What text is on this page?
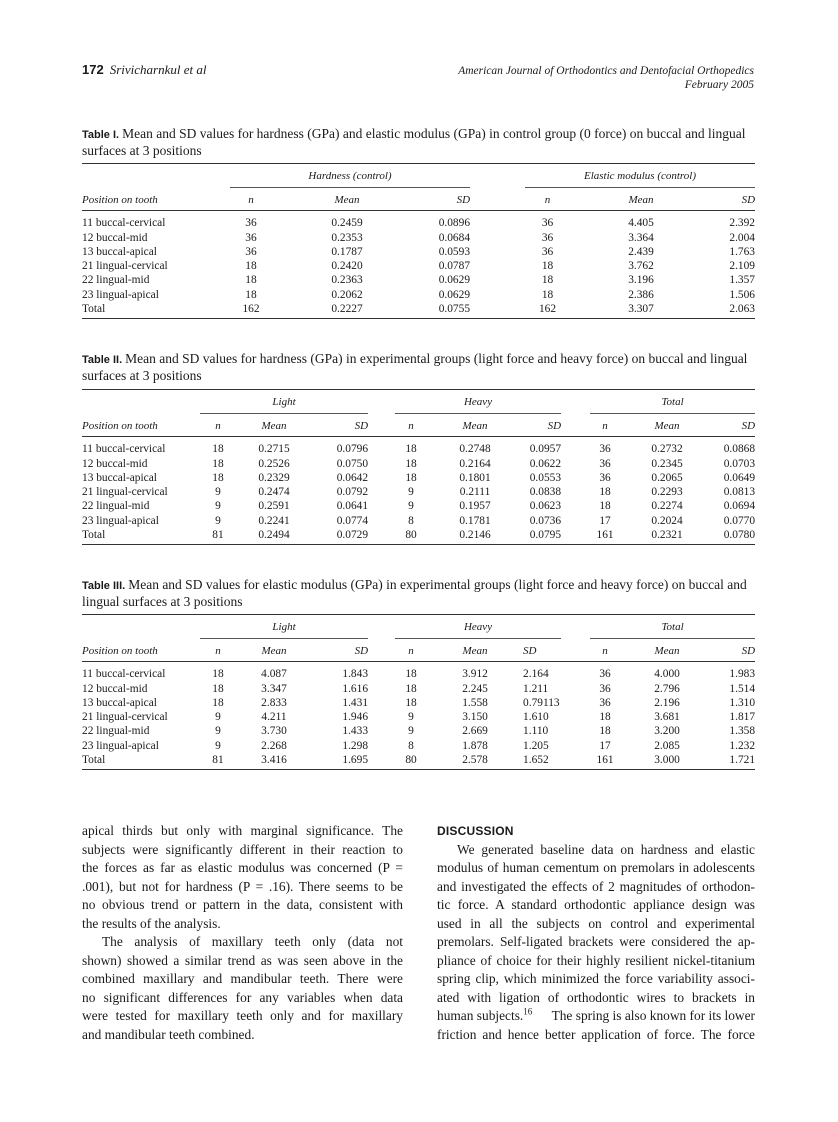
172 Srivicharnkul et al	American Journal of Orthodontics and Dentofacial Orthopedics
February 2005
Table I. Mean and SD values for hardness (GPa) and elastic modulus (GPa) in control group (0 force) on buccal and lingual surfaces at 3 positions

	Hardness (control)				Elastic modulus (control)		

Position on tooth	n	Mean	SD		n	Mean	SD
11 buccal-cervical	36	0.2459	0.0896		36	4.405	2.392
12 buccal-mid	36	0.2353	0.0684		36	3.364	2.004
13 buccal-apical	36	0.1787	0.0593		36	2.439	1.763
21 lingual-cervical	18	0.2420	0.0787		18	3.762	2.109
22 lingual-mid	18	0.2363	0.0629		18	3.196	1.357
23 lingual-apical	18	0.2062	0.0629		18	2.386	1.506
Total	162	0.2227	0.0755		162	3.307	2.063
Table II. Mean and SD values for hardness (GPa) in experimental groups (light force and heavy force) on buccal and lingual surfaces at 3 positions

	Light				Heavy				Total		

Position on tooth	n	Mean	SD		n	Mean	SD		n	Mean	SD
11 buccal-cervical	18	0.2715	0.0796		18	0.2748	0.0957		36	0.2732	0.0868
12 buccal-mid	18	0.2526	0.0750		18	0.2164	0.0622		36	0.2345	0.0703
13 buccal-apical	18	0.2329	0.0642		18	0.1801	0.0553		36	0.2065	0.0649
21 lingual-cervical	9	0.2474	0.0792		9	0.2111	0.0838		18	0.2293	0.0813
22 lingual-mid	9	0.2591	0.0641		9	0.1957	0.0623		18	0.2274	0.0694
23 lingual-apical	9	0.2241	0.0774		8	0.1781	0.0736		17	0.2024	0.0770
Total	81	0.2494	0.0729		80	0.2146	0.0795		161	0.2321	0.0780
Table III. Mean and SD values for elastic modulus (GPa) in experimental groups (light force and heavy force) on buccal and lingual surfaces at 3 positions

	Light				Heavy				Total		

Position on tooth	n	Mean	SD		n	Mean	SD		n	Mean	SD
11 buccal-cervical	18	4.087	1.843		18	3.912	2.164		36	4.000	1.983
12 buccal-mid	18	3.347	1.616		18	2.245	1.211		36	2.796	1.514
13 buccal-apical	18	2.833	1.431		18	1.558	0.79113		36	2.196	1.310
21 lingual-cervical	9	4.211	1.946		9	3.150	1.610		18	3.681	1.817
22 lingual-mid	9	3.730	1.433		9	2.669	1.110		18	3.200	1.358
23 lingual-apical	9	2.268	1.298		8	1.878	1.205		17	2.085	1.232
Total	81	3.416	1.695		80	2.578	1.652		161	3.000	1.721
apical thirds but only with marginal significance. The
subjects were significantly different in their reaction to
the forces as far as elastic modulus was concerned (P =
.001), but not for hardness (P = .16). There seems to be
no obvious trend or pattern in the data, consistent with
the results of the analysis.
The analysis of maxillary teeth only (data not
shown) showed a similar trend as was seen above in the
combined maxillary and mandibular teeth. There were
no significant differences for any variables when data
were tested for maxillary teeth only and for maxillary
and mandibular teeth combined.
DISCUSSION
We generated baseline data on hardness and elastic
modulus of human cementum on premolars in adolescents
and investigated the effects of 2 magnitudes of orthodon-
tic force. A standard orthodontic appliance design was
used in all the subjects on control and experimental
premolars. Self-ligated brackets were considered the ap-
pliance of choice for their highly resilient nickel-titanium
spring clip, which minimized the force variability associ-
ated with ligation of orthodontic wires to brackets in
human subjects.$^{16}$ The spring is also known for its lower
friction and hence better application of force. The force
